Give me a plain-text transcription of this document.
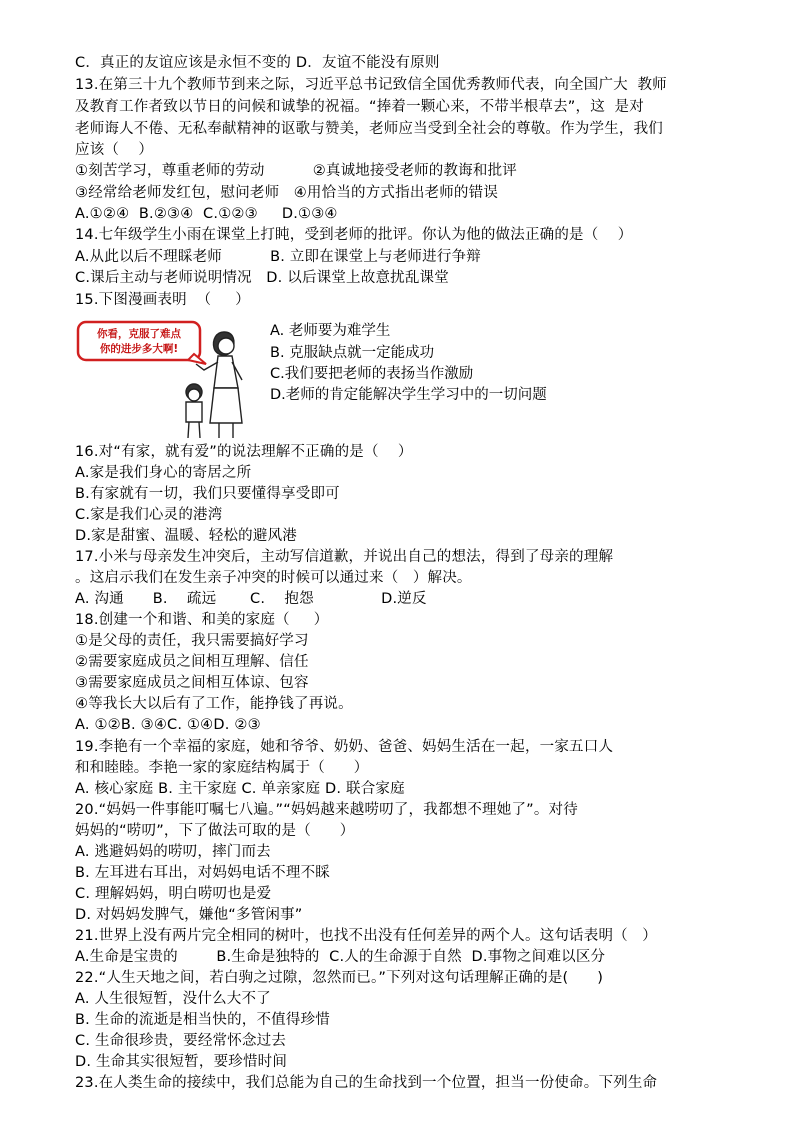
C．真正的友谊应该是永恒不变的 D．友谊不能没有原则
13.在第三十九个教师节到来之际，习近平总书记致信全国优秀教师代表，向全国广大  教师
及教育工作者致以节日的问候和诚挚的祝福。“捧着一颗心来，不带半根草去”，这  是对
老师诲人不倦、无私奉献精神的讴歌与赞美，老师应当受到全社会的尊敬。作为学生，我们
应该（    ）
①刻苦学习，尊重老师的劳动          ②真诚地接受老师的教诲和批评
③经常给老师发红包，慰问老师   ④用恰当的方式指出老师的错误
A.①②④  B.②③④  C.①②③     D.①③④
14.七年级学生小雨在课堂上打盹，受到老师的批评。你认为他的做法正确的是（    ）
A.从此以后不理睬老师          B. 立即在课堂上与老师进行争辩
C.课后主动与老师说明情况   D. 以后课堂上故意扰乱课堂
15.下图漫画表明  （     ）
你看，克服了难点
你的进步多大啊!
A. 老师要为难学生
B. 克服缺点就一定能成功
C.我们要把老师的表扬当作激励
D.老师的肯定能解决学生学习中的一切问题
16.对“有家，就有爱”的说法理解不正确的是（    ）
A.家是我们身心的寄居之所
B.有家就有一切，我们只要懂得享受即可
C.家是我们心灵的港湾
D.家是甜蜜、温暖、轻松的避风港
17.小米与母亲发生冲突后，主动写信道歉，并说出自己的想法，得到了母亲的理解
。这启示我们在发生亲子冲突的时候可以通过来（   ）解决。
A. 沟通      B.    疏远       C.    抱怨              D.逆反
18.创建一个和谐、和美的家庭（     ）
①是父母的责任，我只需要搞好学习
②需要家庭成员之间相互理解、信任
③需要家庭成员之间相互体谅、包容
④等我长大以后有了工作，能挣钱了再说。
A. ①②B. ③④C. ①④D. ②③
19.李艳有一个幸福的家庭，她和爷爷、奶奶、爸爸、妈妈生活在一起，一家五口人
和和睦睦。李艳一家的家庭结构属于（      ）
A. 核心家庭 B. 主干家庭 C. 单亲家庭 D. 联合家庭
20.“妈妈一件事能叮嘱七八遍。”“妈妈越来越唠叨了，我都想不理她了”。对待
妈妈的“唠叨”，下了做法可取的是（      ）
A. 逃避妈妈的唠叨，摔门而去
B. 左耳进右耳出，对妈妈电话不理不睬
C. 理解妈妈，明白唠叨也是爱
D. 对妈妈发脾气，嫌他“多管闲事”
21.世界上没有两片完全相同的树叶，也找不出没有任何差异的两个人。这句话表明（   ）
A.生命是宝贵的        B.生命是独特的  C.人的生命源于自然  D.事物之间难以区分
22.“人生天地之间，若白驹之过隙，忽然而已。”下列对这句话理解正确的是(      )
A. 人生很短暂，没什么大不了
B. 生命的流逝是相当快的，不值得珍惜
C. 生命很珍贵，要经常怀念过去
D. 生命其实很短暂，要珍惜时间
23.在人类生命的接续中，我们总能为自己的生命找到一个位置，担当一份使命。下列生命
